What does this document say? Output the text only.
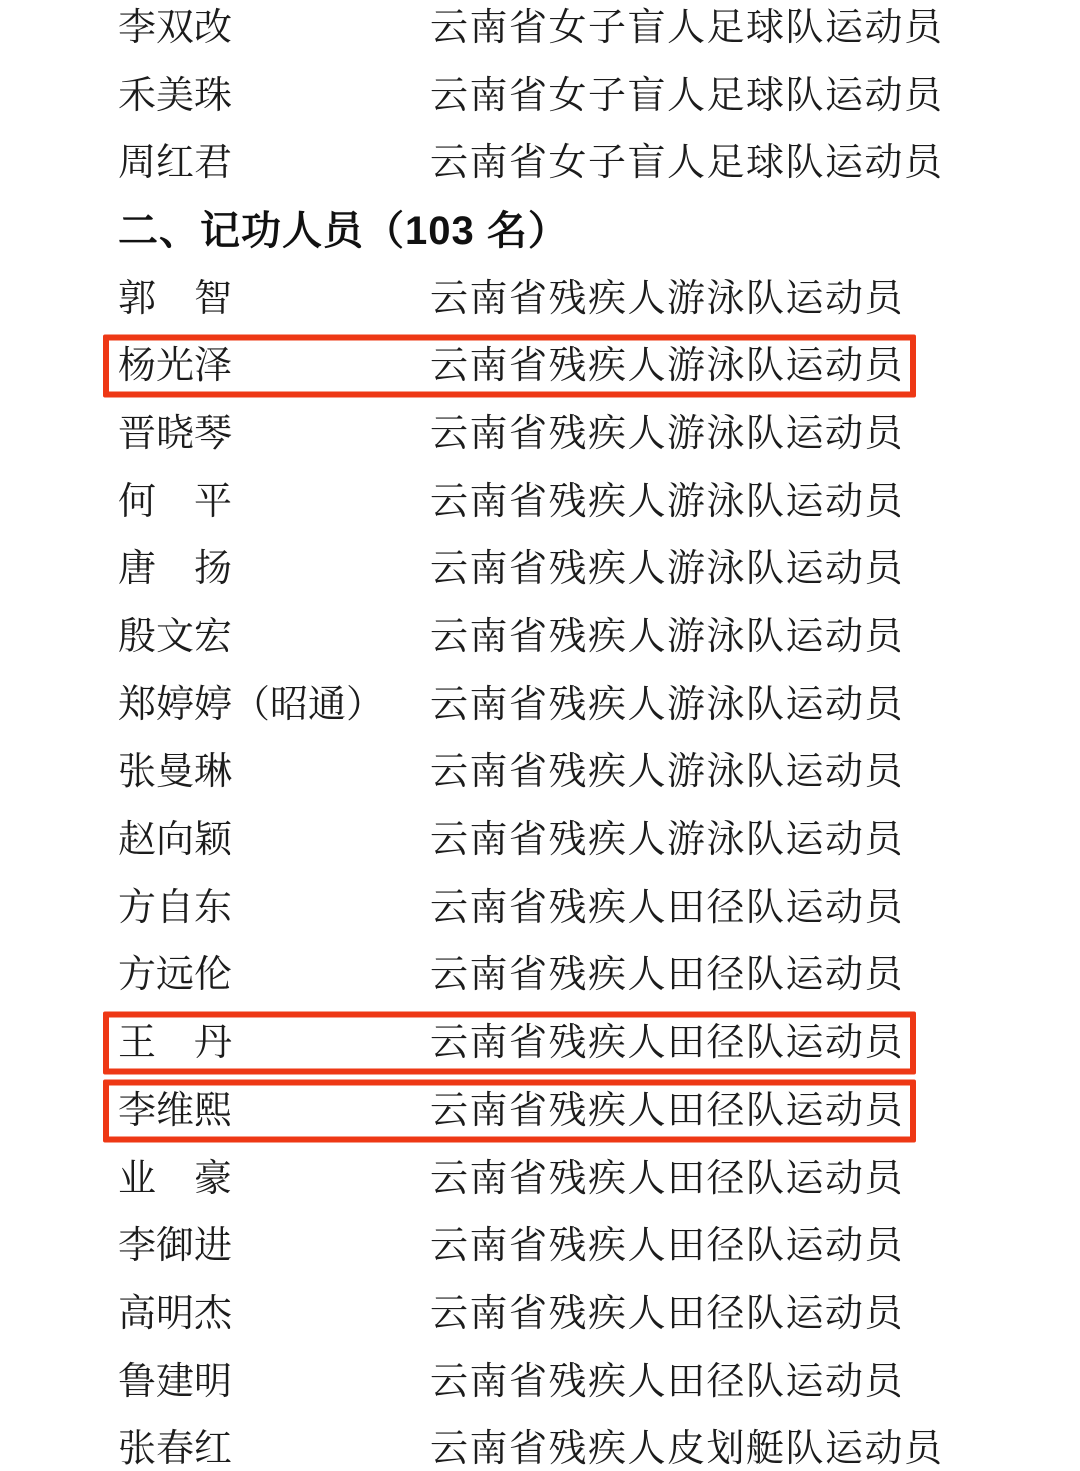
李双改	云南省女子盲人足球队运动员
禾美珠	云南省女子盲人足球队运动员
周红君	云南省女子盲人足球队运动员
二、记功人员（103 名）
郭　智	云南省残疾人游泳队运动员
杨光泽	云南省残疾人游泳队运动员
晋晓琴	云南省残疾人游泳队运动员
何　平	云南省残疾人游泳队运动员
唐　扬	云南省残疾人游泳队运动员
殷文宏	云南省残疾人游泳队运动员
郑婷婷（昭通）	云南省残疾人游泳队运动员
张曼琳	云南省残疾人游泳队运动员
赵向颖	云南省残疾人游泳队运动员
方自东	云南省残疾人田径队运动员
方远伦	云南省残疾人田径队运动员
王　丹	云南省残疾人田径队运动员
李维熙	云南省残疾人田径队运动员
业　豪	云南省残疾人田径队运动员
李御进	云南省残疾人田径队运动员
高明杰	云南省残疾人田径队运动员
鲁建明	云南省残疾人田径队运动员
张春红	云南省残疾人皮划艇队运动员
